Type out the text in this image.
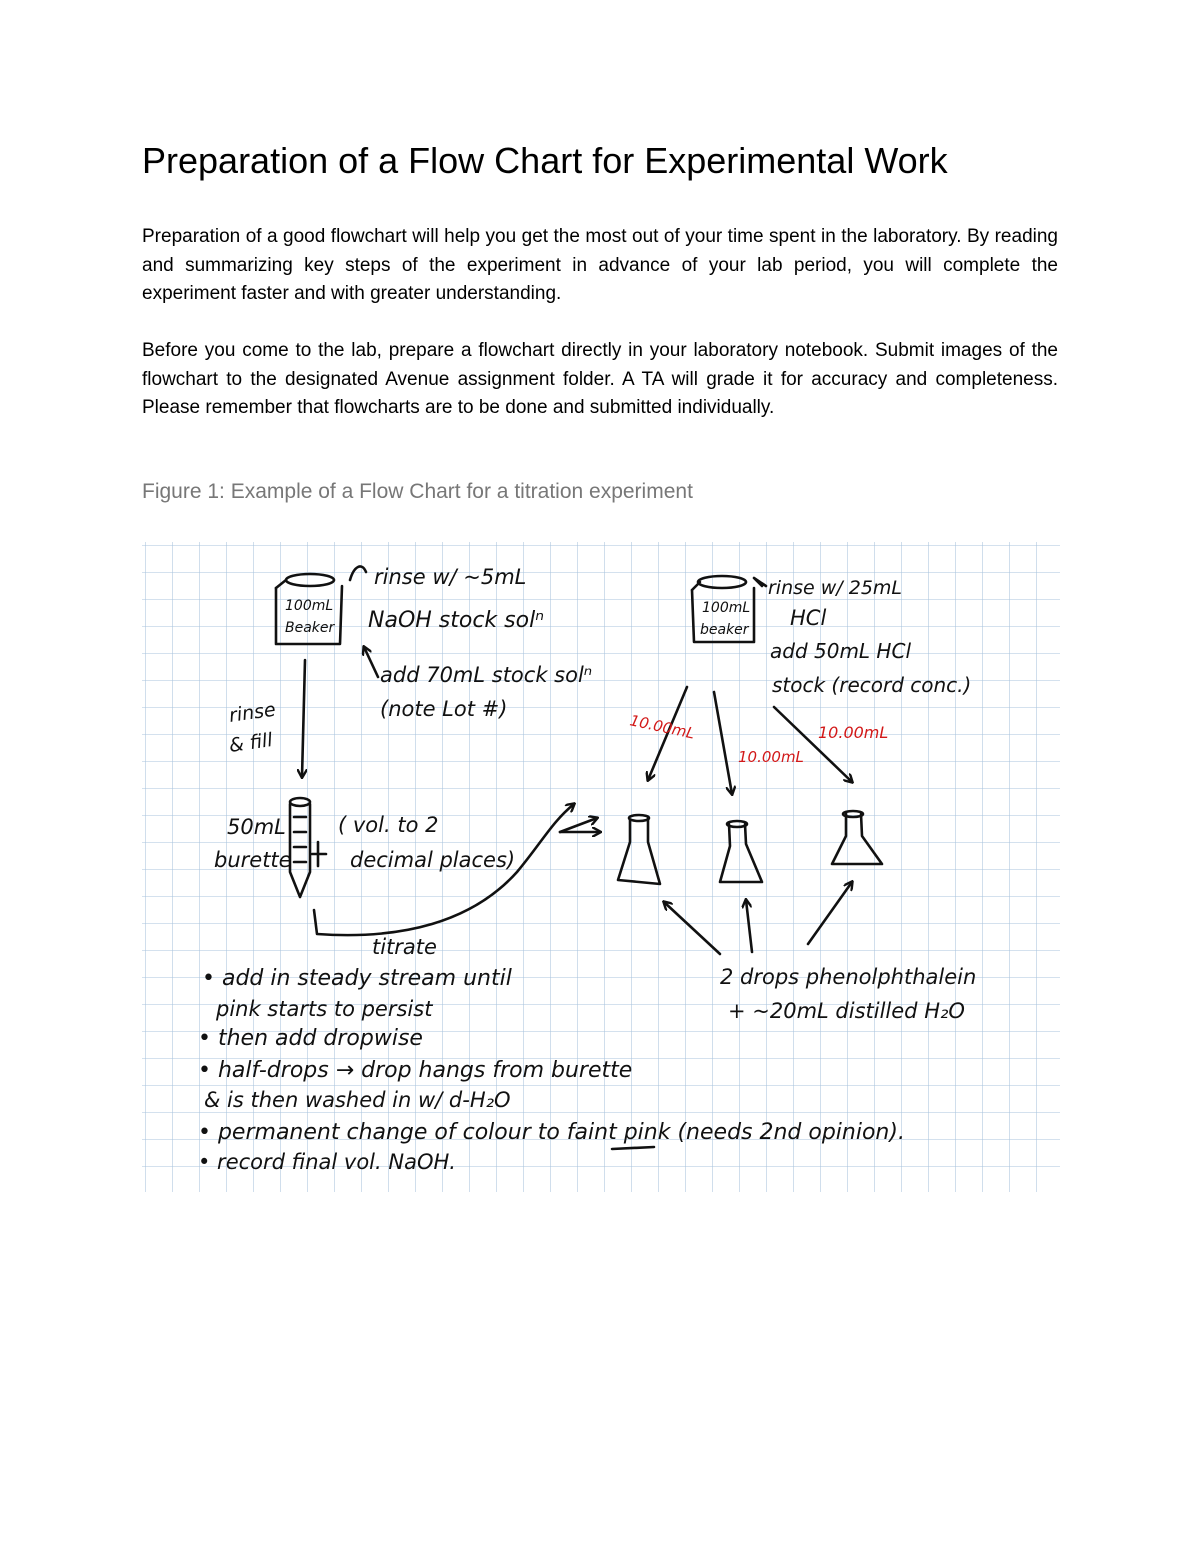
Preparation of a Flow Chart for Experimental Work

Preparation of a good flowchart will help you get the most out of your time spent in the laboratory. By reading and summarizing key steps of the experiment in advance of your lab period, you will complete the experiment faster and with greater understanding.

Before you come to the lab, prepare a flowchart directly in your laboratory notebook. Submit images of the flowchart to the designated Avenue assignment folder. A TA will grade it for accuracy and completeness. Please remember that flowcharts are to be done and submitted individually.

Figure 1: Example of a Flow Chart for a titration experiment

100mL
Beaker
rinse w/ ~5mL
NaOH stock solⁿ
add 70mL stock solⁿ
(note Lot #)
rinse
& fill
50mL
burette
( vol. to 2
decimal places)
titrate
100mL
beaker
rinse w/ 25mL
HCl
add 50mL HCl
stock (record conc.)
10.00mL
10.00mL
10.00mL
2 drops phenolphthalein
+ ~20mL distilled H₂O
• add in steady stream until
pink starts to persist
• then add dropwise
• half-drops → drop hangs from burette
& is then washed in w/ d-H₂O
• permanent change of colour to faint pink (needs 2nd opinion).
• record final vol. NaOH.
